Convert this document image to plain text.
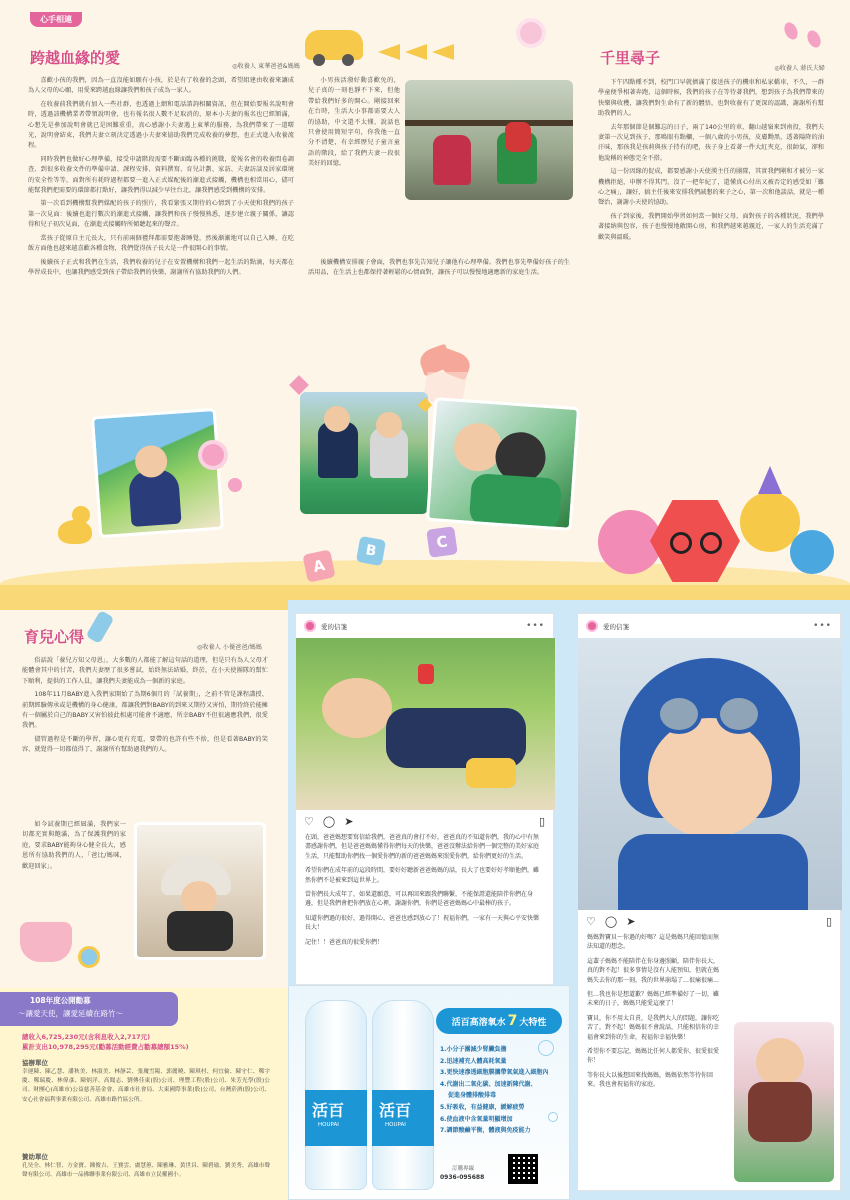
心手相連
跨越血緣的愛	◎收養人 東華爸爸&媽媽

喜歡小孩的我們，因為一直沒能如願有小孩，於是有了收養的念頭，希望組建由收養來讓成為人父母的心願，用愛來跨越血緣讓我們和孩子成為一家人。

在收養前我們就有加入一些社群，也透過上網和電話諮詢相關資訊，但在開始要報名說明會時，透過該機構業者帶領說明會，也有報名很人數不足取消的，原本小夫妻的報名也已經額滿，心想先是參加說明會就已是困難重重，真心感謝小夫妻遇上東華的服務，為我們帶來了一道曙光，說明會結束，我們夫妻立刻決定透過小夫妻來協助我們完成收養的夢想，也正式進入收養流程。

同時我們也做好心理準備，接受申請階段需要不斷面臨各種的挑戰，從報名會的收養問卷調查、到很多收養文件的準備申請、課程安排、資料撰寫、育兒計劃、家訪、夫妻訪談及居家環境的安全性等等，面對所有耗時過程都要一進入正式媒配後的漸進式接觸，機構也相當用心，儘可能幫我們把需要的環節都打點好，讓我們得以減少早往台北，讓我們感受到機構的安排。

第一次看到機構幫我們媒配的孩子的照片，我看緊張又期待的心情到了小天使和我們的孩子第一次見面：後續也進行數次的漸進式接觸，讓我們和孩子慢慢熟悉，逐步建立親子關係，讓認得和兒子初次見面，在漸進式接觸時所傾聽起來的聲音。

當孩子從原自主元長大，只有前兩個禮拜都需要抱著睡覺，然後漸漸地可以自己入睡，在吃飯方面他也越來越喜歡各種食物，我們覺得孩子長大是一件很開心的事情。

後續孩子正式和我們在生活，我們收養的兒子在安置機構和我們一起生活的點滴，每天都在學習成長中，也讓我們感受到孩子帶給我們的快樂，謝謝所有協助我們的人們。

小男孩活潑好動喜歡免的，兒子真的一刻也靜不下來，但他帶給我們好多的開心。剛接回來在台時，生活大小事都需要大人的協助，中文還不太懂，說話也只會使用簡短字句，你我他一直分不清楚，有幸經歷兒子童言童語的階段，給了我們夫妻一段很美好的回憶。

後續機構安排親子會面，我們也事先告知兒子讓他有心理準備。我們也事先準備好孩子的生活用品，在生活上也都保持著輕鬆的心情面對，讓孩子可以慢慢地適應新的家庭生活。

A
B	C
千里尋子
◎收養人 蔣氏夫婦

下午四點種不到，校門口早就擠滿了接送孩子的機車和私家轎車，不久，一群學童便爭相著奔跑，這個時候，我們的孩子在等待著我們，想到孩子為我們帶來的快樂與收穫，讓我們對生命有了新的體悟，也對收養有了更深的認識，謝謝所有幫助我們的人。

去年那個節是個難忘的日子，兩了140公里的車，翻山越嶺來到南投，我們夫妻第一次見到孩子，那鳴眼有點欄，一個八歲的小男孩，皮膚黝黑，透著陽降的油汗味，那孩我是孩莉與孩子持有的吧，孩子身上看著一件大紅夾克，很帥氣，卻和他說稱的神態完全不搭。

這一份因緣的促成，都要感謝小天使漢主任的團隊，其實我們剛和才被另一家機構拒絕，申辦不得其門，沒了一把年紀了，還懂真心付出又被否定的感受如「難心之痛」，讓好，搞主任後來安排我們誠懇的來子之心，第一次和他談話，就是一種聲治，謝謝小天使的協助。

孩子到家後，我們開始學習如何當一個好父母，面對孩子的各種狀況，我們學著接納與包容，孩子也慢慢地敞開心房，和我們越來越親近，一家人的生活充滿了歡笑與溫暖。

育兒心得
◎收養人 小優爸爸/媽媽

俗話說「養兒方知父母恩」，大多數的人都能了解這句話的道理，但是只有為人父母才能體會其中的甘苦，我們夫妻歷了很多嘗試，始終無法結婚，終於，在小天使團隊的幫忙下順利，提供的工作人員，讓我們夫妻能成為一個新的家庭。

108年11月BABY進入我們家開始了為期6個月的「試養期」，之前不管是課程講授、前期經驗傳承或是機構的身心健康，都讓我們對BABY的到來又期待又害怕，期待終於能擁有一個屬於自己的BABY又害怕彼此相處可能會不適應，所幸BABY不但很適應我們，很愛我們。

儘管過程是不斷的學習，讓心更有充電，要帶的也許有些不捨，但是看著BABY的笑容，就覺得一切都值得了，謝謝所有幫助過我們的人。

如今試養期已經屆滿，我們家一切都充實與飽滿，為了保護我們的家庭，要求BABY能夠身心健全長大，感恩所有協助我們的人，「爸比/媽咪，歡迎回家」。

108年度公開勸募
～讓愛天使，讓愛延續在路竹～
總收入6,725,230元(含利息收入2,717元)
累計支出10,978,295元(勸募活動經費占勸募總額15%)
協辦單位
幸運陳、陳乙慧、潘秋美、林淑美、林靜芸、張瓊雪陽、郭麗曉、陳琪村、何宜倫、陳守仁、鄭宇慶、鄭瑞慶、林偉彥、陳炳洋、高聞志、劉傳佳東(股)公司、理豐工程(股)公司、朱芳光學(股)公司、財團心(高雄市)公益慈善基金會、高雄市社會局、大東國際事業(股)公司、台灣菸酒(股)公司、安心社會福利事業有限公司、高雄市路竹區公所。
贊助單位
孔昊全、林仁智、方金寶、鍾俊吉、王賽雲、盧慧蕙、陳雅琳、黃世昌、陳碧瑜、劉美秀、高雄市聲聲有限公司、高雄市一品佛聯事業有限公司、高雄市立民權國小。
愛的信箋	•••
♡ ◯ ➤	▯

在頭，爸爸媽想要寫信給我們，爸爸真的會打不好，爸爸真的不知道你們，我的心中有無盡感謝你們，但是爸爸媽媽懂得你們每天的快樂，爸爸沒辦法給你們一個完整的美好家庭生活，只能幫助你們找一個愛你們的新的爸爸媽媽來照愛你們，給你們更好的生活。

希望你們在成年前的這段時間，要好好聽新爸爸媽媽的話，長大了也要好好孝順他們，雖然你們不是被來到這世界上。

當你們長大成年了，如果還願意，可以再回來跟我們聯繫，不能保證還能陪伴你們在身邊，但是我們會把你們放在心裡，謝謝你們，你們是爸爸媽媽心中最棒的孩子。

知道你們過的很好，過得開心，爸爸也感到放心了！祝福你們，一家有一天與心平安快樂長大！

記住！！爸爸真的很愛你們！

愛的信箋	•••
♡ ◯ ➤	▯

媽媽對寶貝～你過的好嗎？這是媽媽只能回憶而無法知道的想念。

這輩子媽媽不能陪伴在你身邊照顧，陪伴你長大，真的對不起！很多事情是沒有人能預知，但就在媽媽失去你的那一刻，我的世界崩塌了…很痛很痛…

但…我也你是想道歉？媽媽已經準備好了一切，雖未來的日子，媽媽只能愛這麼了！

寶貝，你不用太自責，是我們大人的問題，讓你吃苦了，對不起！媽媽很不會說話，只能相信你的幸福會來到你的生命，祝福你幸福快樂！

希望你不要忘記，媽媽比任何人都愛你，很愛很愛你！

等你長大以後想回來找媽媽，媽媽依然等待你回來。我也會祝福你的家庭。

活百 活百
HOUPAI	HOUPAI
活百高溶氧水 7 大特性
1.小分子團減少腎臟負擔
2.迅速補充人體高耗氧量
3.更快速滲透細胞膜攜帶氧氣進入細胞內
4.代謝出二氧化碳、加速新陳代謝、
促進身體排酸排毒
5.好吸收，有益健康，緩解疲勞
6.使血液中含氧量明顯增加
7.調節酸鹼平衡，體液與免疫能力
訂購專線
0936-095688
